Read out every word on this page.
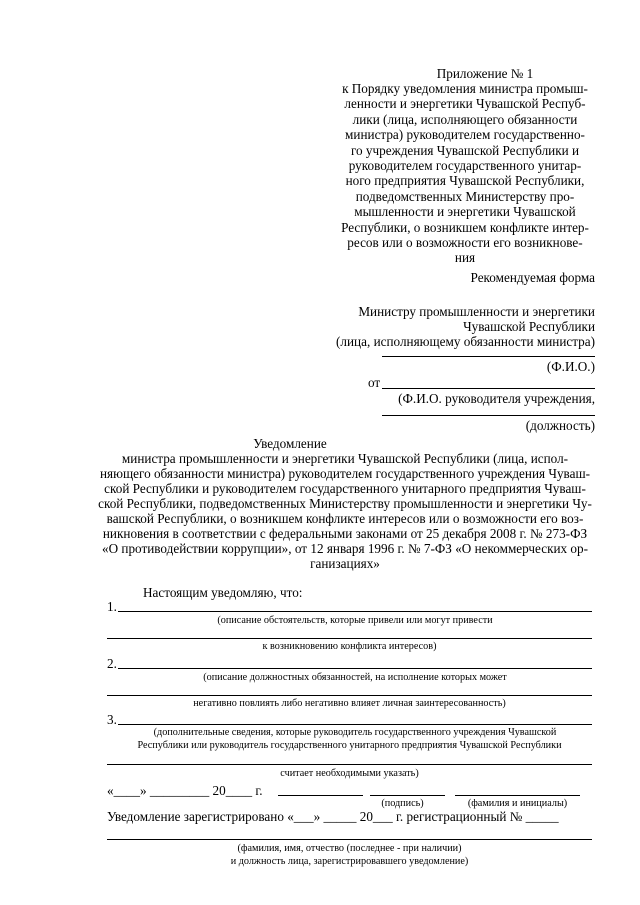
Приложение № 1
к Порядку уведомления министра промыш-
ленности и энергетики Чувашской Респуб-
лики (лица, исполняющего обязанности
министра) руководителем государственно-
го учреждения Чувашской Республики и
руководителем государственного унитар-
ного предприятия Чувашской Республики,
подведомственных Министерству про-
мышленности и энергетики Чувашской
Республики, о возникшем конфликте интер-
ресов или о возможности его возникнове-
ния
Рекомендуемая форма
Министру промышленности и энергетики
Чувашской Республики
(лица, исполняющему обязанности министра)
(Ф.И.О.)
от
(Ф.И.О. руководителя учреждения,
(должность)
Уведомление
министра промышленности и энергетики Чувашской Республики (лица, испол-
няющего обязанности министра) руководителем государственного учреждения Чуваш-
ской Республики и руководителем государственного унитарного предприятия Чуваш-
ской Республики, подведомственных Министерству промышленности и энергетики Чу-
вашской Республики, о возникшем конфликте интересов или о возможности его воз-
никновения в соответствии с федеральными законами от 25 декабря 2008 г. № 273-ФЗ
«О противодействии коррупции», от 12 января 1996 г. № 7-ФЗ «О некоммерческих ор-
ганизациях»
Настоящим уведомляю, что:
1.
(описание обстоятельств, которые привели или могут привести
к возникновению конфликта интересов)
2.
(описание должностных обязанностей, на исполнение которых может
негативно повлиять либо негативно влияет личная заинтересованность)
3.
(дополнительные сведения, которые руководитель государственного учреждения Чувашской
Республики или руководитель государственного унитарного предприятия Чувашской Республики
считает необходимыми указать)
«____» _________ 20____ г.
(подпись)	(фамилия и инициалы)
Уведомление зарегистрировано «___» _____ 20___ г. регистрационный № _____
(фамилия, имя, отчество (последнее - при наличии)
и должность лица, зарегистрировавшего уведомление)
